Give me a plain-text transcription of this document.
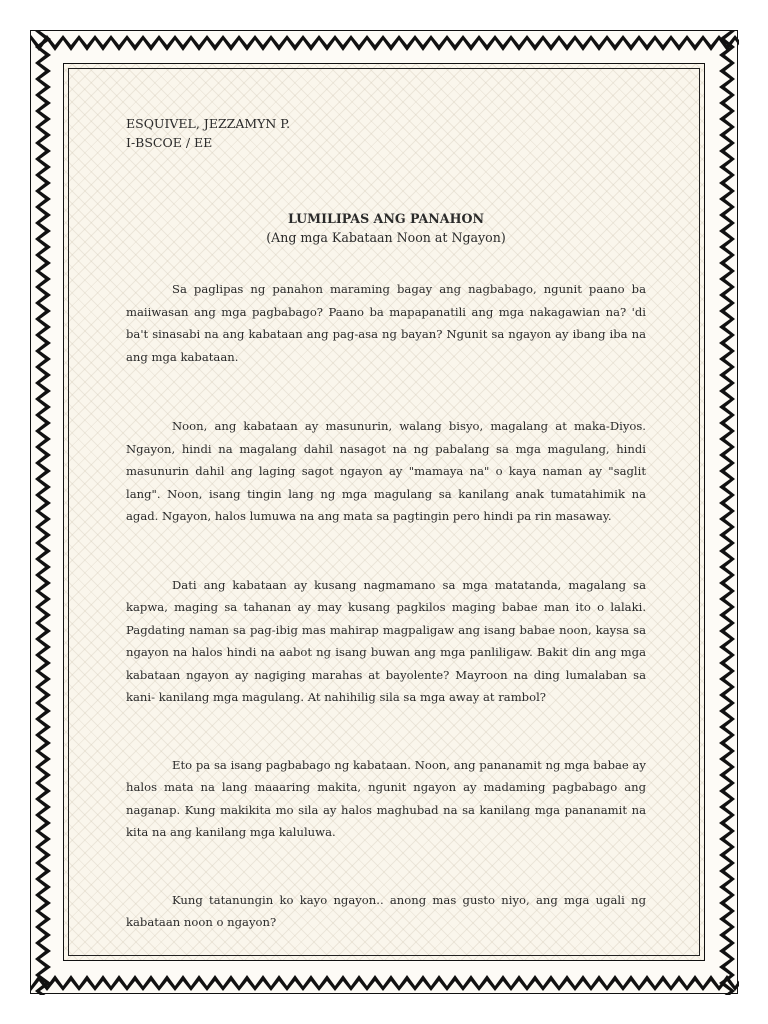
ESQUIVEL, JEZZAMYN P.
I-BSCOE / EE
LUMILIPAS ANG PANAHON
(Ang mga Kabataan Noon at Ngayon)

Sa paglipas ng panahon maraming bagay ang nagbabago, ngunit paano ba maiiwasan ang mga pagbabago? Paano ba mapapanatili ang mga nakagawian na? 'di ba't sinasabi na ang kabataan ang pag-asa ng bayan? Ngunit sa ngayon ay ibang iba na ang mga kabataan.

Noon, ang kabataan ay masunurin, walang bisyo, magalang at maka-Diyos. Ngayon, hindi na magalang dahil nasagot na ng pabalang sa mga magulang, hindi masunurin dahil ang laging sagot ngayon ay "mamaya na" o kaya naman ay "saglit lang". Noon, isang tingin lang ng mga magulang sa kanilang anak tumatahimik na agad. Ngayon, halos lumuwa na ang mata sa pagtingin pero hindi pa rin masaway.

Dati ang kabataan ay kusang nagmamano sa mga matatanda, magalang sa kapwa, maging sa tahanan ay may kusang pagkilos maging babae man ito o lalaki. Pagdating naman sa pag-ibig mas mahirap magpaligaw ang isang babae noon, kaysa sa ngayon na halos hindi na aabot ng isang buwan ang mga panliligaw. Bakit din ang mga kabataan ngayon ay nagiging marahas at bayolente? Mayroon na ding lumalaban sa kani- kanilang mga magulang. At nahihilig sila sa mga away at rambol?

Eto pa sa isang pagbabago ng kabataan. Noon, ang pananamit ng mga babae ay halos mata na lang maaaring makita, ngunit ngayon ay madaming pagbabago ang naganap. Kung makikita mo sila ay halos maghubad na sa kanilang mga pananamit na kita na ang kanilang mga kaluluwa.

Kung tatanungin ko kayo ngayon.. anong mas gusto niyo, ang mga ugali ng kabataan noon o ngayon?
